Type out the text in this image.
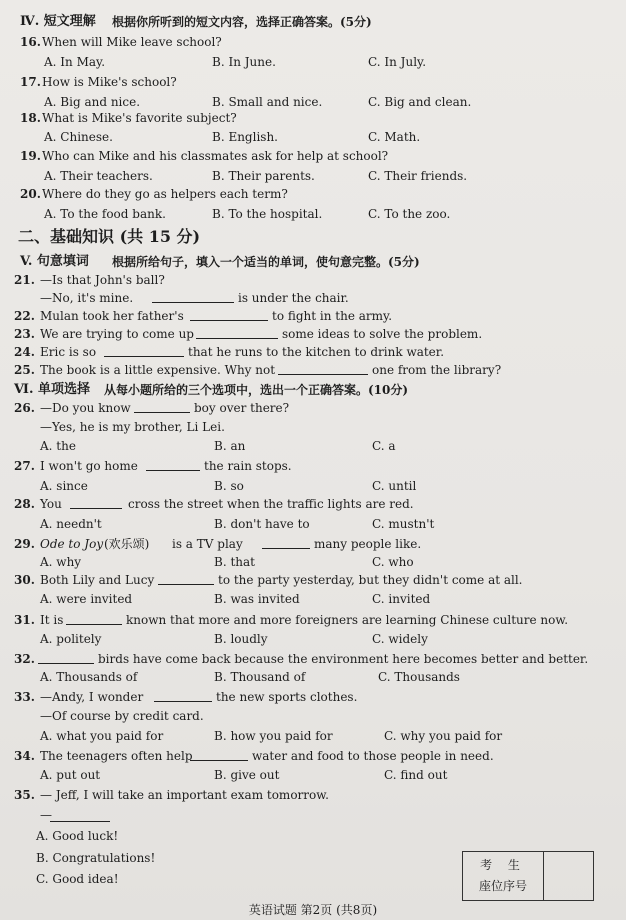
Ⅳ. 短文理解 根据你所听到的短文内容，选择正确答案。(5分)
16. When will Mike leave school?
A. In May.	B. In June.	C. In July.
17. How is Mike's school?
A. Big and nice.	B. Small and nice.	C. Big and clean.
18. What is Mike's favorite subject?
A. Chinese.	B. English.	C. Math.
19. Who can Mike and his classmates ask for help at school?
A. Their teachers.	B. Their parents.	C. Their friends.
20. Where do they go as helpers each term?
A. To the food bank.	B. To the hospital.	C. To the zoo.
二、基础知识 (共 15 分)
V. 句意填词 根据所给句子，填入一个适当的单词，使句意完整。(5分)
21. —Is that John's ball?
—No, it's mine.	is under the chair.
22. Mulan took her father's	to fight in the army.
23. We are trying to come up	some ideas to solve the problem.
24. Eric is so	that he runs to the kitchen to drink water.
25. The book is a little expensive. Why not	one from the library?
Ⅵ. 单项选择 从每小题所给的三个选项中，选出一个正确答案。(10分)
26. —Do you know	boy over there?
—Yes, he is my brother, Li Lei.
A. the	B. an	C. a
27. I won't go home	the rain stops.
A. since	B. so	C. until
28. You	cross the street when the traffic lights are red.
A. needn't	B. don't have to	C. mustn't
29. Ode to Joy (欢乐颂) is a TV play	many people like.
A. why	B. that	C. who
30. Both Lily and Lucy	to the party yesterday, but they didn't come at all.
A. were invited	B. was invited	C. invited
31. It is	known that more and more foreigners are learning Chinese culture now.
A. politely	B. loudly	C. widely
32.	birds have come back because the environment here becomes better and better.
A. Thousands of	B. Thousand of	C. Thousands
33. —Andy, I wonder	the new sports clothes.
—Of course by credit card.
A. what you paid for	B. how you paid for	C. why you paid for
34. The teenagers often help	water and food to those people in need.
A. put out	B. give out	C. find out
35. — Jeff, I will take an important exam tomorrow.
—
A. Good luck!
B. Congratulations!
C. Good idea!
考 生
座位序号
英语试题 第2页 (共8页)
